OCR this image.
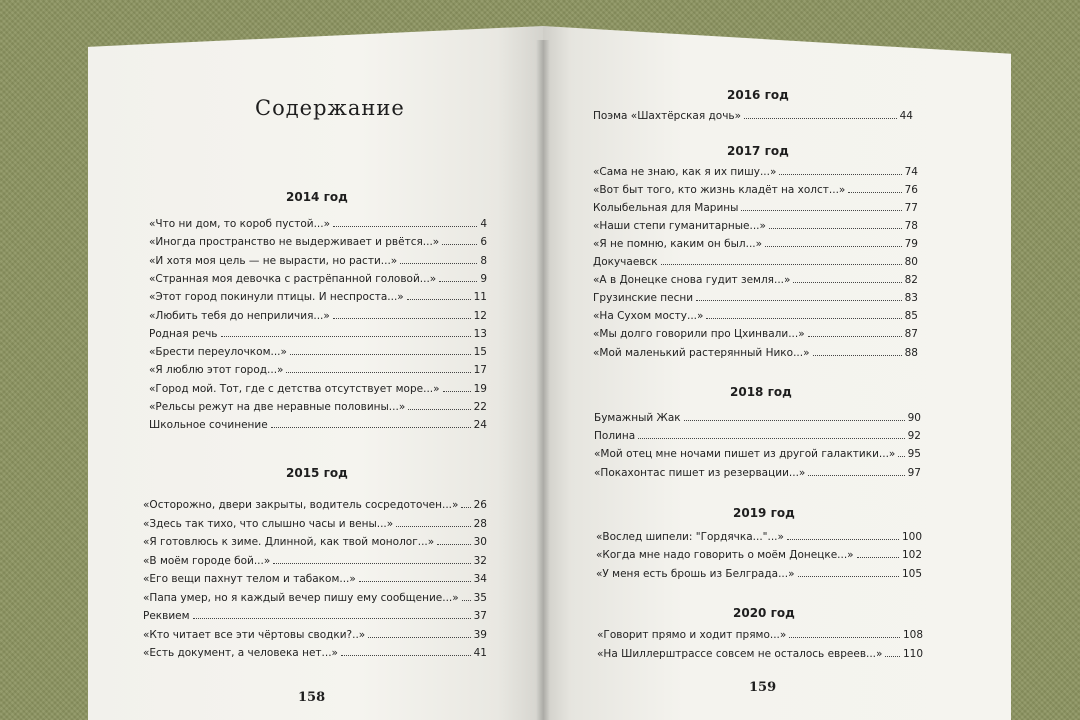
Содержание
2014 год
«Что ни дом, то короб пустой...»	4
«Иногда пространство не выдерживает и рвётся...»	6
«И хотя моя цель — не вырасти, но расти...»	8
«Странная моя девочка с растрёпанной головой...»	9
«Этот город покинули птицы. И неспроста...»	11
«Любить тебя до неприличия...»	12
Родная речь	13
«Брести переулочком...»	15
«Я люблю этот город...»	17
«Город мой. Тот, где с детства отсутствует море...»	19
«Рельсы режут на две неравные половины...»	22
Школьное сочинение	24
2015 год
«Осторожно, двери закрыты, водитель сосредоточен...» 26
«Здесь так тихо, что слышно часы и вены...»	28
«Я готовлюсь к зиме. Длинной, как твой монолог...»	30
«В моём городе бой...»	32
«Его вещи пахнут телом и табаком...»	34
«Папа умер, но я каждый вечер пишу ему сообщение...» 35
Реквием	37
«Кто читает все эти чёртовы сводки?..»	39
«Есть документ, а человека нет...»	41
2016 год
Поэма «Шахтёрская дочь»	44
2017 год
«Сама не знаю, как я их пишу...»	74
«Вот быт того, кто жизнь кладёт на холст...»	76
Колыбельная для Марины	77
«Наши степи гуманитарные...»	78
«Я не помню, каким он был...»	79
Докучаевск	80
«А в Донецке снова гудит земля...»	82
Грузинские песни	83
«На Сухом мосту...»	85
«Мы долго говорили про Цхинвали...»	87
«Мой маленький растерянный Нико...»	88
2018 год
Бумажный Жак	90
Полина	92
«Мой отец мне ночами пишет из другой галактики...» 95
«Покахонтас пишет из резервации...»	97
2019 год
«Вослед шипели: "Гордячка..."...»	100
«Когда мне надо говорить о моём Донецке...»	102
«У меня есть брошь из Белграда...»	105
2020 год
«Говорит прямо и ходит прямо...»	108
«На Шиллерштрассе совсем не осталось евреев...» 110
158
159
